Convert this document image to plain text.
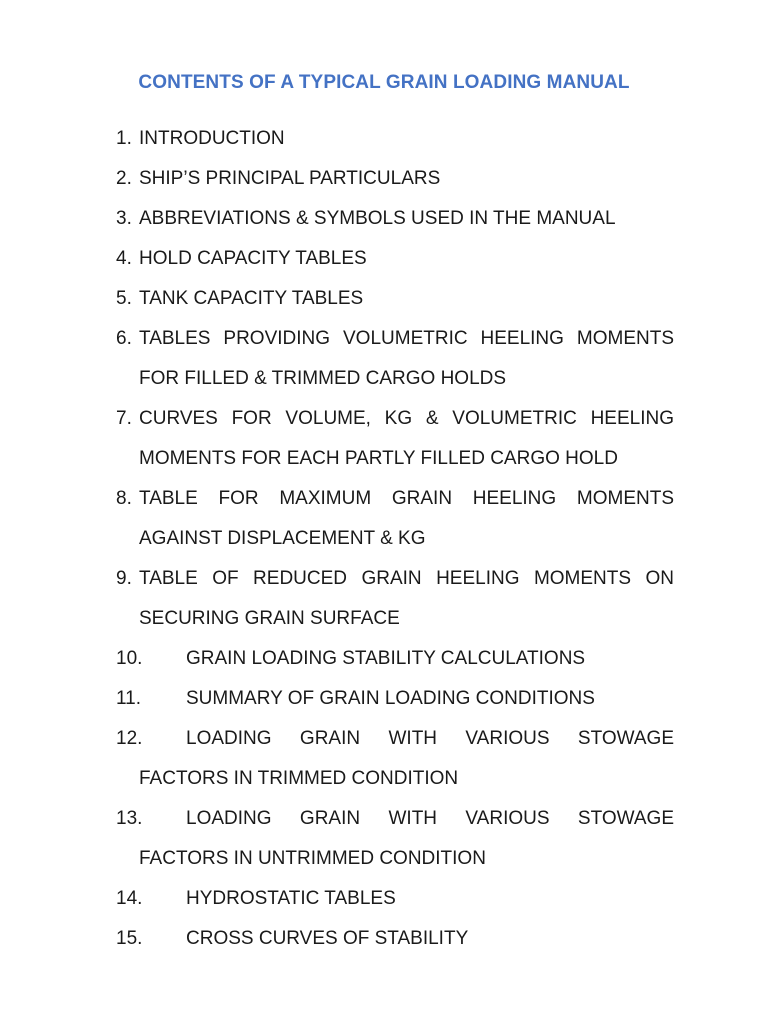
CONTENTS OF A TYPICAL GRAIN LOADING MANUAL
1. INTRODUCTION
2. SHIP’S PRINCIPAL PARTICULARS
3. ABBREVIATIONS & SYMBOLS USED IN THE MANUAL
4. HOLD CAPACITY TABLES
5. TANK CAPACITY TABLES
6. TABLES PROVIDING VOLUMETRIC HEELING MOMENTS FOR FILLED & TRIMMED CARGO HOLDS
7. CURVES FOR VOLUME, KG & VOLUMETRIC HEELING MOMENTS FOR EACH PARTLY FILLED CARGO HOLD
8. TABLE FOR MAXIMUM GRAIN HEELING MOMENTS AGAINST DISPLACEMENT & KG
9. TABLE OF REDUCED GRAIN HEELING MOMENTS ON SECURING GRAIN SURFACE
10.	GRAIN LOADING STABILITY CALCULATIONS
11.	SUMMARY OF GRAIN LOADING CONDITIONS
12.	LOADING GRAIN WITH VARIOUS STOWAGE FACTORS IN TRIMMED CONDITION
13.	LOADING GRAIN WITH VARIOUS STOWAGE FACTORS IN UNTRIMMED CONDITION
14.	HYDROSTATIC TABLES
15.	CROSS CURVES OF STABILITY
